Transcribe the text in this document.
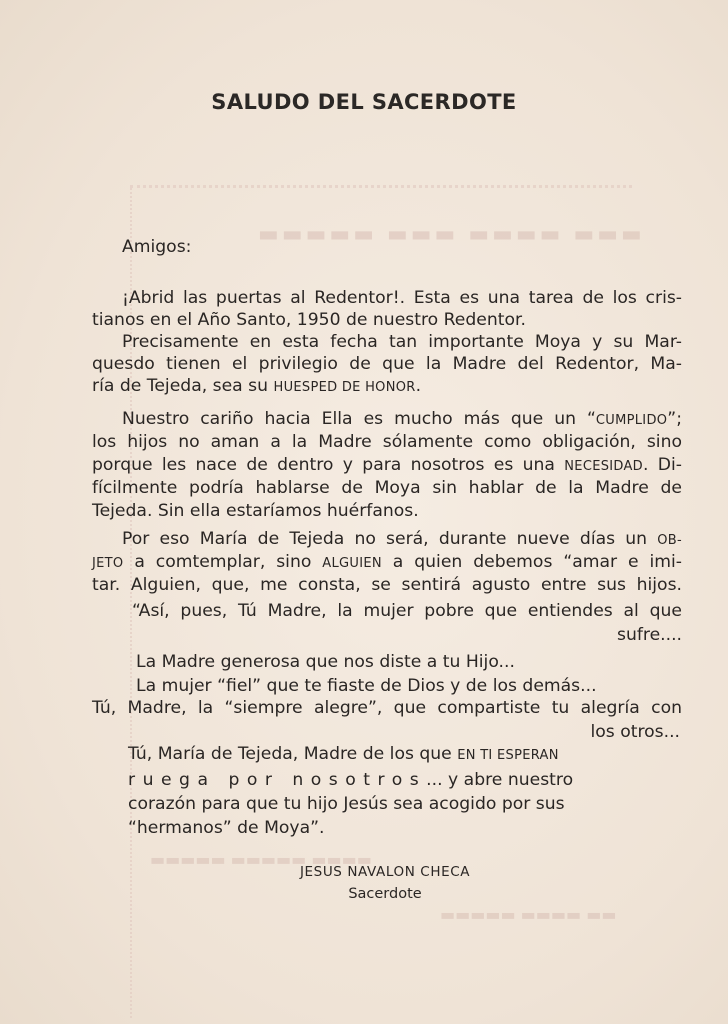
▬▬▬ ▬▬▬▬ ▬▬▬ ▬▬▬▬▬
▬▬▬▬ ▬▬▬▬▬ ▬▬▬▬▬
▬▬ ▬▬▬▬ ▬▬▬▬▬
SALUDO DEL SACERDOTE
Amigos:
¡Abrid las puertas al Redentor!. Esta es una tarea de los cris-
tianos en el Año Santo, 1950 de nuestro Redentor.
Precisamente en esta fecha tan importante Moya y su Mar-
quesdo tienen el privilegio de que la Madre del Redentor, Ma-
ría de Tejeda, sea su HUESPED DE HONOR.
Nuestro cariño hacia Ella es mucho más que un “CUMPLIDO”;
los hijos no aman a la Madre sólamente como obligación, sino
porque les nace de dentro y para nosotros es una NECESIDAD. Di-
fícilmente podría hablarse de Moya sin hablar de la Madre de
Tejeda. Sin ella estaríamos huérfanos.
Por eso María de Tejeda no será, durante nueve días un OB-
JETO a comtemplar, sino ALGUIEN a quien debemos “amar e imi-
tar. Alguien, que, me consta, se sentirá agusto entre sus hijos.
“Así, pues, Tú Madre, la mujer pobre que entiendes al que
sufre....
La Madre generosa que nos diste a tu Hijo...
La mujer “fiel” que te fiaste de Dios y de los demás...
Tú, Madre, la “siempre alegre”, que compartiste tu alegría con
los otros...
Tú, María de Tejeda, Madre de los que EN TI ESPERAN
ruega por nosotros... y abre nuestro
corazón para que tu hijo Jesús sea acogido por sus
“hermanos” de Moya”.
JESUS NAVALON CHECA
Sacerdote
